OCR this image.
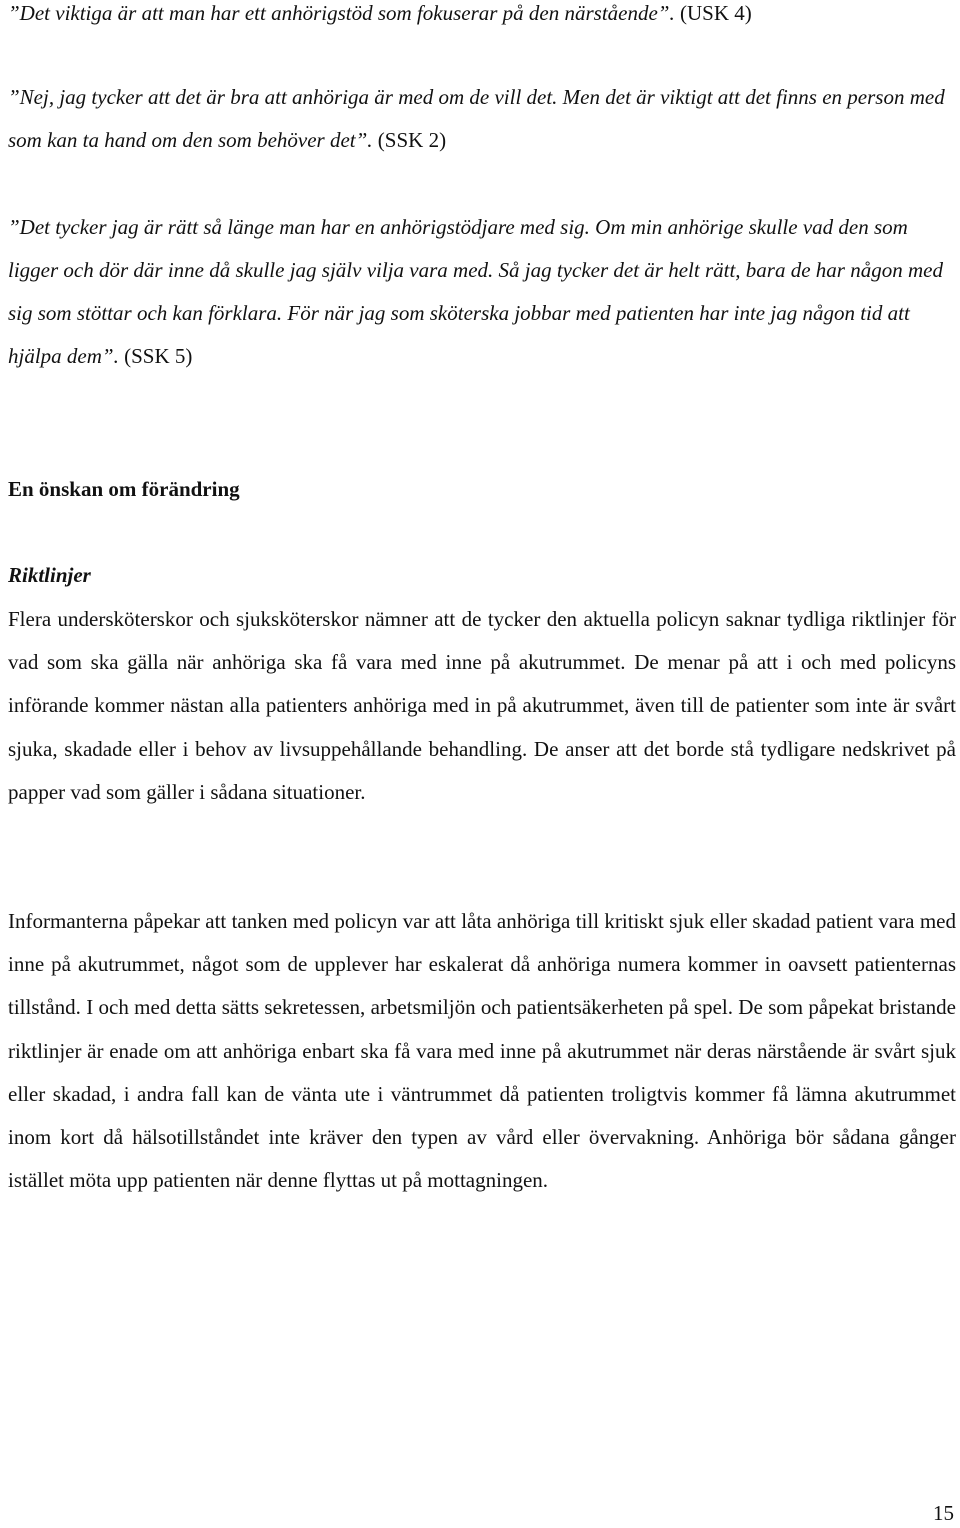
”Det viktiga är att man har ett anhörigstöd som fokuserar på den närstående”. (USK 4)

”Nej, jag tycker att det är bra att anhöriga är med om de vill det. Men det är viktigt att det finns en person med som kan ta hand om den som behöver det”. (SSK 2)

”Det tycker jag är rätt så länge man har en anhörigstödjare med sig. Om min anhörige skulle vad den som ligger och dör där inne då skulle jag själv vilja vara med. Så jag tycker det är helt rätt, bara de har någon med sig som stöttar och kan förklara. För när jag som sköterska jobbar med patienten har inte jag någon tid att hjälpa dem”. (SSK 5)

En önskan om förändring
Riktlinjer

Flera undersköterskor och sjuksköterskor nämner att de tycker den aktuella policyn saknar tydliga riktlinjer för vad som ska gälla när anhöriga ska få vara med inne på akutrummet. De menar på att i och med policyns införande kommer nästan alla patienters anhöriga med in på akutrummet, även till de patienter som inte är svårt sjuka, skadade eller i behov av livsuppehållande behandling. De anser att det borde stå tydligare nedskrivet på papper vad som gäller i sådana situationer.

Informanterna påpekar att tanken med policyn var att låta anhöriga till kritiskt sjuk eller skadad patient vara med inne på akutrummet, något som de upplever har eskalerat då anhöriga numera kommer in oavsett patienternas tillstånd. I och med detta sätts sekretessen, arbetsmiljön och patientsäkerheten på spel. De som påpekat bristande riktlinjer är enade om att anhöriga enbart ska få vara med inne på akutrummet när deras närstående är svårt sjuk eller skadad, i andra fall kan de vänta ute i väntrummet då patienten troligtvis kommer få lämna akutrummet inom kort då hälsotillståndet inte kräver den typen av vård eller övervakning. Anhöriga bör sådana gånger istället möta upp patienten när denne flyttas ut på mottagningen.

15
